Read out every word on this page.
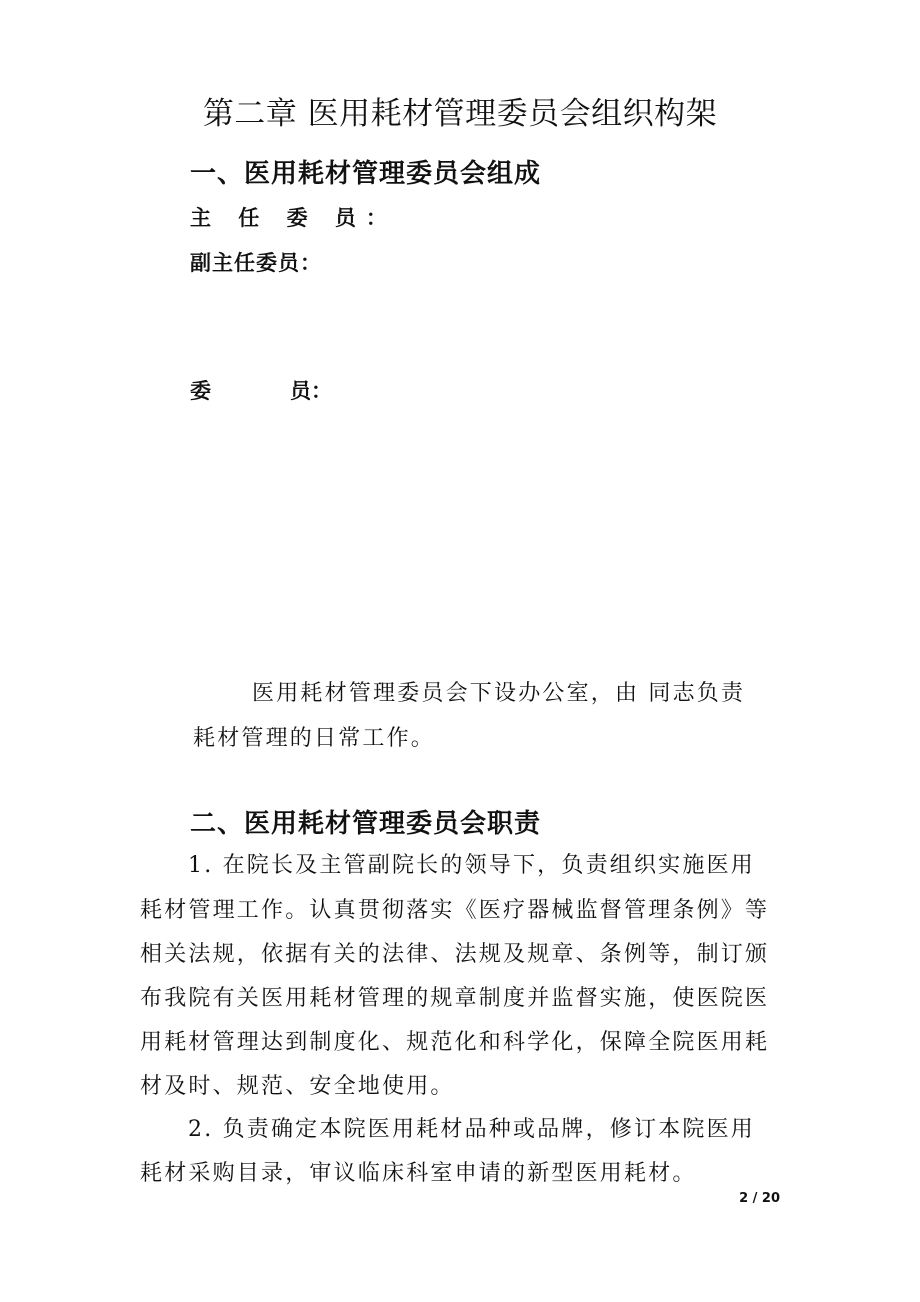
第二章 医用耗材管理委员会组织构架
一、医用耗材管理委员会组成
主 任 委 员：
副主任委员：
委	员：

医用耗材管理委员会下设办公室，由 同志负责

耗材管理的日常工作。

二、医用耗材管理委员会职责

1. 在院长及主管副院长的领导下，负责组织实施医用

耗材管理工作。认真贯彻落实《医疗器械监督管理条例》等

相关法规，依据有关的法律、法规及规章、条例等，制订颁

布我院有关医用耗材管理的规章制度并监督实施，使医院医

用耗材管理达到制度化、规范化和科学化，保障全院医用耗

材及时、规范、安全地使用。

2. 负责确定本院医用耗材品种或品牌，修订本院医用

耗材采购目录，审议临床科室申请的新型医用耗材。

2 / 20
